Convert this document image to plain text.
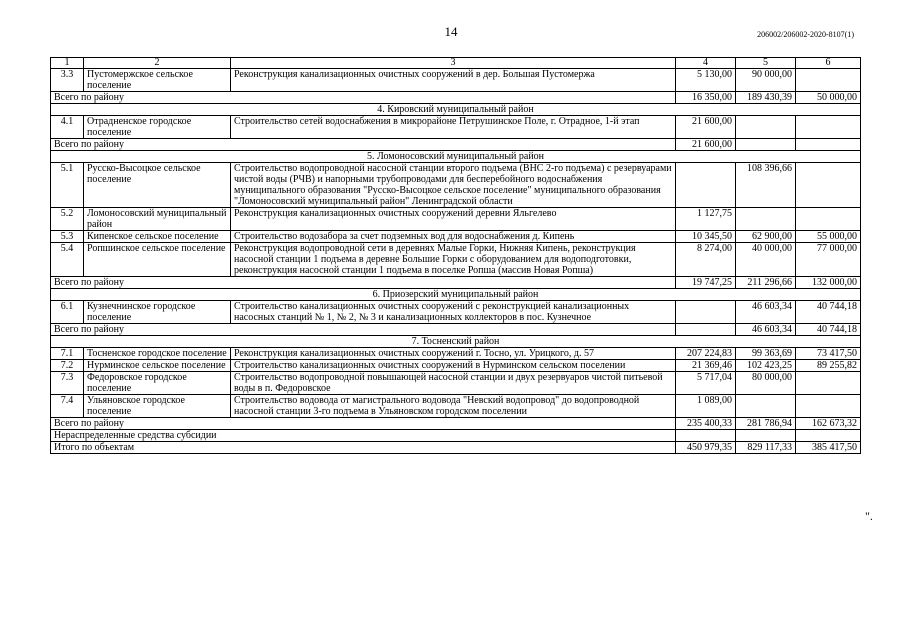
14	206002/206002-2020-8107(1)
1	2	3	4	5	6
3.3	Пустомержское сельское поселение	Реконструкция канализационных очистных сооружений в дер. Большая Пустомержа	5 130,00	90 000,00	
Всего по району			16 350,00	189 430,39	50 000,00
4. Кировский муниципальный район					
4.1	Отрадненское городское поселение	Строительство сетей водоснабжения в микрорайоне Петрушинское Поле, г. Отрадное, 1-й этап	21 600,00		
Всего по району			21 600,00		
5. Ломоносовский муниципальный район					
5.1	Русско-Высоцкое сельское поселение	Строительство водопроводной насосной станции второго подъема (ВНС 2-го подъема) с резервуарами чистой воды (РЧВ) и напорными трубопроводами для бесперебойного водоснабжения муниципального образования "Русско-Высоцкое сельское поселение" муниципального образования "Ломоносовский муниципальный район" Ленинградской области		108 396,66	
5.2	Ломоносовский муниципальный район	Реконструкция канализационных очистных сооружений деревни Яльгелево	1 127,75		
5.3	Кипенское сельское поселение	Строительство водозабора за счет подземных вод для водоснабжения д. Кипень	10 345,50	62 900,00	55 000,00
5.4	Ропшинское сельское поселение	Реконструкция водопроводной сети в деревнях Малые Горки, Нижняя Кипень, реконструкция насосной станции 1 подъема в деревне Большие Горки с оборудованием для водоподготовки, реконструкция насосной станции 1 подъема в поселке Ропша (массив Новая Ропша)	8 274,00	40 000,00	77 000,00
Всего по району			19 747,25	211 296,66	132 000,00
6. Приозерский муниципальный район					
6.1	Кузнечнинское городское поселение	Строительство канализационных очистных сооружений с реконструкцией канализационных насосных станций № 1, № 2, № 3 и канализационных коллекторов в пос. Кузнечное		46 603,34	40 744,18
Всего по району				46 603,34	40 744,18
7. Тосненский район					
7.1	Тосненское городское поселение	Реконструкция канализационных очистных сооружений г. Тосно, ул. Урицкого, д. 57	207 224,83	99 363,69	73 417,50
7.2	Нурминское сельское поселение	Строительство канализационных очистных сооружений в Нурминском сельском поселении	21 369,46	102 423,25	89 255,82
7.3	Федоровское городское поселение	Строительство водопроводной повышающей насосной станции и двух резервуаров чистой питьевой воды в п. Федоровское	5 717,04	80 000,00	
7.4	Ульяновское городское поселение	Строительство водовода от магистрального водовода "Невский водопровод" до водопроводной насосной станции 3-го подъема в Ульяновском городском поселении	1 089,00		
Всего по району			235 400,33	281 786,94	162 673,32
Нераспределенные средства субсидии					
Итого по объектам			450 979,35	829 117,33	385 417,50
".
